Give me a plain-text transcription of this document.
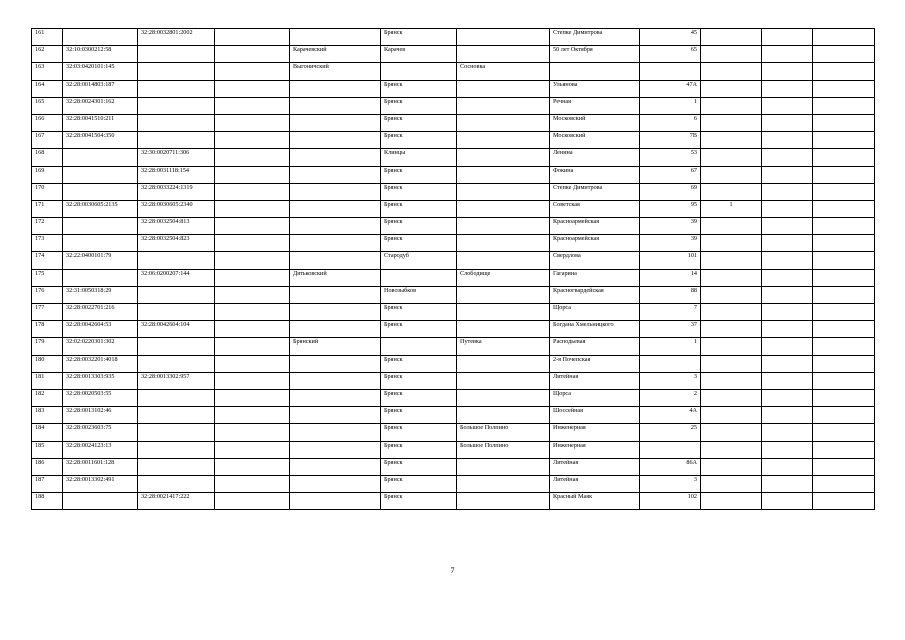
161		32:28:0032801:2002			Брянск		Степке Димитрова	45			
162	32:10:0300212:58			Карачевский	Карачев		50 лет Октября	65			
163	32:03:0420101:145			Выгоничский		Сосновка					
164	32:28:0014803:187				Брянск		Ульянова	47А			
165	32:28:0024301:162				Брянск		Речная	1			
166	32:28:0041510:211				Брянск		Московский	6			
167	32:28:0041504:350				Брянск		Московский	7В			
168		32:30:0020711:306			Клинцы		Ленина	53			
169		32:28:0031118:154			Брянск		Фокина	67			
170		32:28:0033224:1319			Брянск		Степке Димитрова	69			
171	32:28:0030605:2135	32:28:0030605:2340			Брянск		Советская	95	1		
172		32:28:0032504:813			Брянск		Красноармейская	39			
173		32:28:0032504:823			Брянск		Красноармейская	39			
174	32:22:0400101:79				Стародуб		Свердлова	101			
175		32:06:0200207:144		Дятьковский		Слободище	Гагарина	14			
176	32:31:0050318:29				Новозыбков		Красногвардейская	88			
177	32:28:0022701:216				Брянск		Щорса	7			
178	32:28:0042604:53	32:28:0042604:104			Брянск		Богдана Хмельницкого	37			
179	32:02:0220301:302			Брянский		Путевка	Расподьевая	1			
180	32:28:0032201:4018				Брянск		2-я Почепская				
181	32:28:0013303:935	32:28:0013302:957			Брянск		Литейная	3			
182	32:28:0020503:55				Брянск		Щорса	2			
183	32:28:0013102:46				Брянск		Шоссейная	4А			
184	32:28:0023603:75				Брянск	Большое Полпино	Инженерная	25			
185	32:28:0024123:13				Брянск	Большое Полпино	Инженерная				
186	32:28:0011601:128				Брянск		Литейная	86А			
187	32:28:0013302:491				Брянск		Литейная	3			
188		32:28:0021417:222			Брянск		Красный Маяк	102			
7
